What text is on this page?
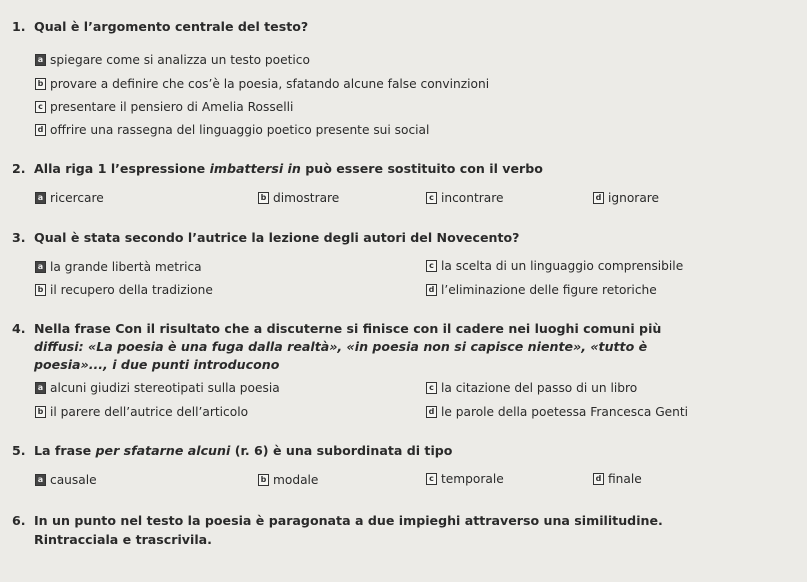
1. Qual è l’argomento centrale del testo?
a spiegare come si analizza un testo poetico
b provare a definire che cos’è la poesia, sfatando alcune false convinzioni
c presentare il pensiero di Amelia Rosselli
d offrire una rassegna del linguaggio poetico presente sui social
2. Alla riga 1 l’espressione imbattersi in può essere sostituito con il verbo
a ricercare	b dimostrare	c incontrare	d ignorare
3. Qual è stata secondo l’autrice la lezione degli autori del Novecento?
a la grande libertà metrica	c la scelta di un linguaggio comprensibile
b il recupero della tradizione	d l’eliminazione delle figure retoriche
4. Nella frase Con il risultato che a discuterne si finisce con il cadere nei luoghi comuni più
diffusi: «La poesia è una fuga dalla realtà», «in poesia non si capisce niente», «tutto è
poesia»..., i due punti introducono
a alcuni giudizi stereotipati sulla poesia	c la citazione del passo di un libro
b il parere dell’autrice dell’articolo	d le parole della poetessa Francesca Genti
5. La frase per sfatarne alcuni (r. 6) è una subordinata di tipo
a causale	b modale	c temporale	d finale
6. In un punto nel testo la poesia è paragonata a due impieghi attraverso una similitudine.
Rintracciala e trascrivila.
